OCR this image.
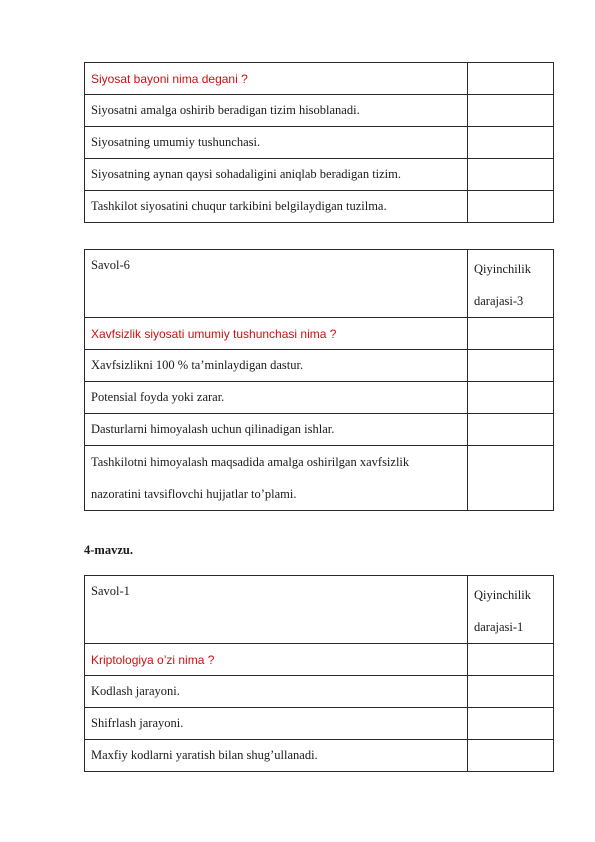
Siyosat bayoni nima degani ?	
Siyosatni amalga oshirib beradigan tizim hisoblanadi.	
Siyosatning umumiy tushunchasi.	
Siyosatning aynan qaysi sohadaligini aniqlab beradigan tizim.	
Tashkilot siyosatini chuqur tarkibini belgilaydigan tuzilma.	
Savol-6	Qiyinchilik
darajasi-3
Xavfsizlik siyosati umumiy tushunchasi nima ?	
Xavfsizlikni 100 % ta’minlaydigan dastur.	
Potensial foyda yoki zarar.	
Dasturlarni himoyalash uchun qilinadigan ishlar.	
Tashkilotni himoyalash maqsadida amalga oshirilgan xavfsizlik
nazoratini tavsiflovchi hujjatlar to’plami.	
4-mavzu.
Savol-1	Qiyinchilik
darajasi-1
Kriptologiya o’zi nima ?	
Kodlash jarayoni.	
Shifrlash jarayoni.	
Maxfiy kodlarni yaratish bilan shug’ullanadi.	
